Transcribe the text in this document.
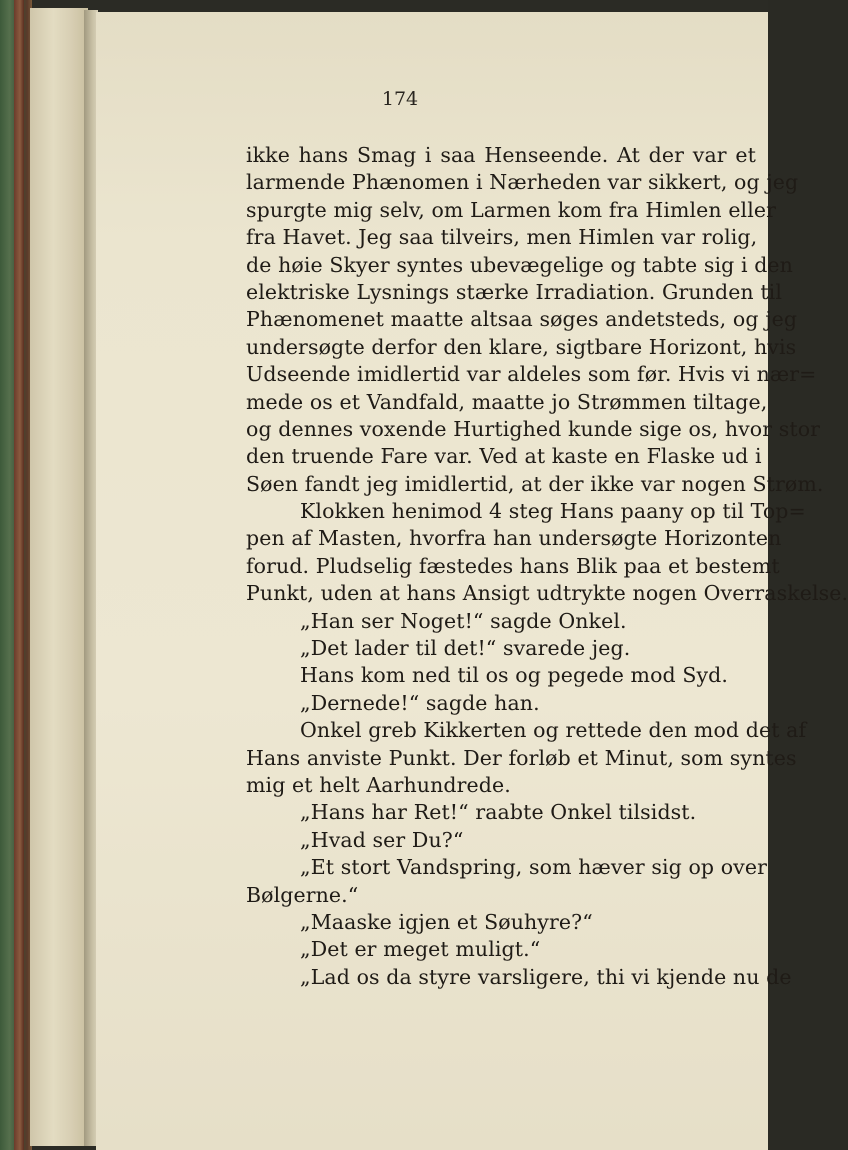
174
ikke hans Smag i saa Henseende. At der var et
larmende Phænomen i Nærheden var sikkert, og jeg
spurgte mig selv, om Larmen kom fra Himlen eller
fra Havet. Jeg saa tilveirs, men Himlen var rolig,
de høie Skyer syntes ubevægelige og tabte sig i den
elektriske Lysnings stærke Irradiation. Grunden til
Phænomenet maatte altsaa søges andetsteds, og jeg
undersøgte derfor den klare, sigtbare Horizont, hvis
Udseende imidlertid var aldeles som før. Hvis vi nær=
mede os et Vandfald, maatte jo Strømmen tiltage,
og dennes voxende Hurtighed kunde sige os, hvor stor
den truende Fare var. Ved at kaste en Flaske ud i
Søen fandt jeg imidlertid, at der ikke var nogen Strøm.
Klokken henimod 4 steg Hans paany op til Top=
pen af Masten, hvorfra han undersøgte Horizonten
forud. Pludselig fæstedes hans Blik paa et bestemt
Punkt, uden at hans Ansigt udtrykte nogen Overraskelse.
„Han ser Noget!“ sagde Onkel.
„Det lader til det!“ svarede jeg.
Hans kom ned til os og pegede mod Syd.
„Dernede!“ sagde han.
Onkel greb Kikkerten og rettede den mod det af
Hans anviste Punkt. Der forløb et Minut, som syntes
mig et helt Aarhundrede.
„Hans har Ret!“ raabte Onkel tilsidst.
„Hvad ser Du?“
„Et stort Vandspring, som hæver sig op over
Bølgerne.“
„Maaske igjen et Søuhyre?“
„Det er meget muligt.“
„Lad os da styre varsligere, thi vi kjende nu de
